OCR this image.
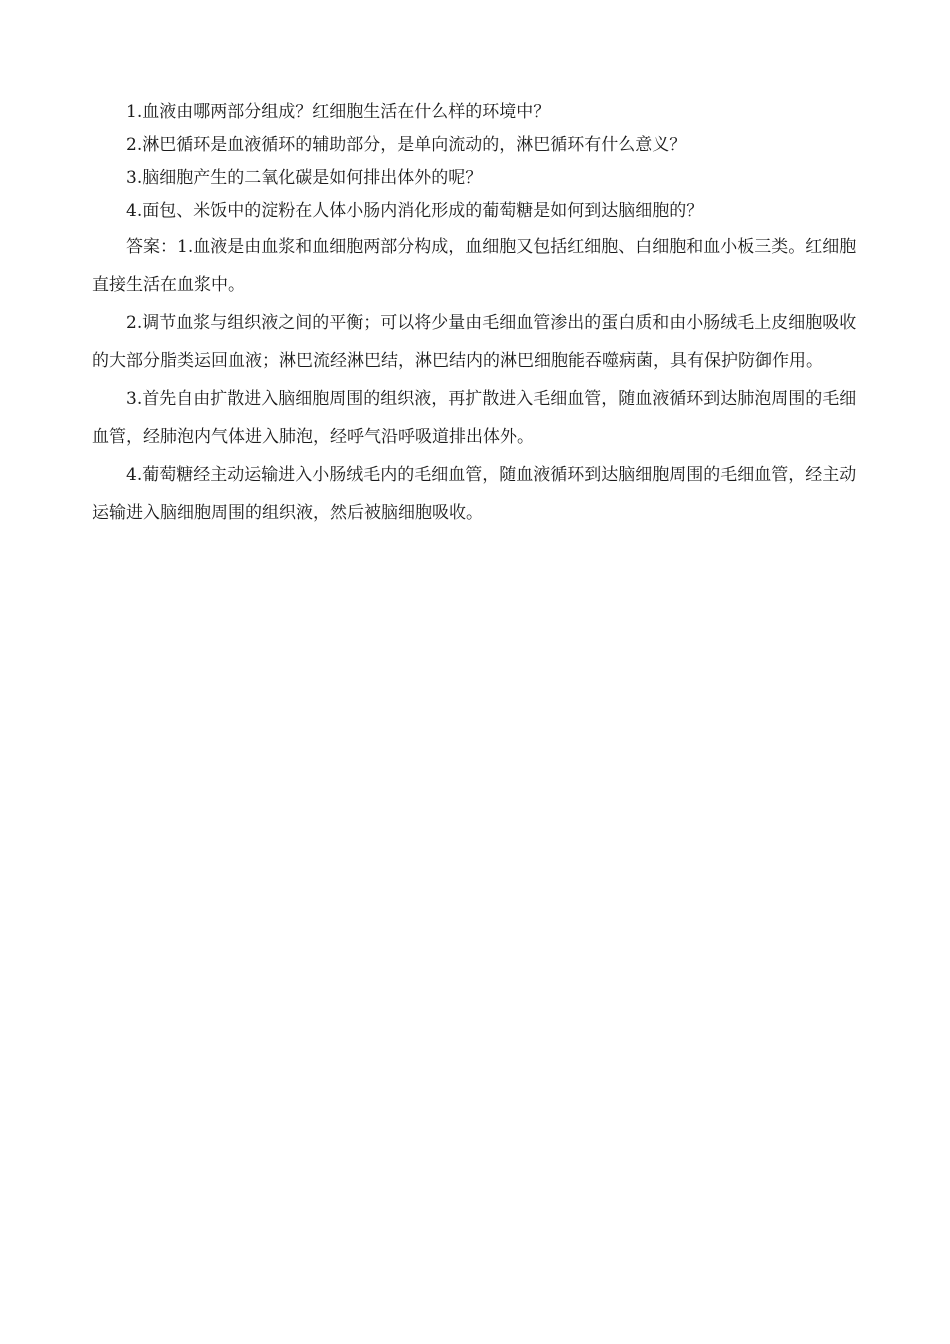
1.血液由哪两部分组成？红细胞生活在什么样的环境中？

2.淋巴循环是血液循环的辅助部分，是单向流动的，淋巴循环有什么意义？

3.脑细胞产生的二氧化碳是如何排出体外的呢？

4.面包、米饭中的淀粉在人体小肠内消化形成的葡萄糖是如何到达脑细胞的？

答案：1.血液是由血浆和血细胞两部分构成，血细胞又包括红细胞、白细胞和血小板三类。红细胞直接生活在血浆中。

2.调节血浆与组织液之间的平衡；可以将少量由毛细血管渗出的蛋白质和由小肠绒毛上皮细胞吸收的大部分脂类运回血液；淋巴流经淋巴结，淋巴结内的淋巴细胞能吞噬病菌，具有保护防御作用。

3.首先自由扩散进入脑细胞周围的组织液，再扩散进入毛细血管，随血液循环到达肺泡周围的毛细血管，经肺泡内气体进入肺泡，经呼气沿呼吸道排出体外。

4.葡萄糖经主动运输进入小肠绒毛内的毛细血管，随血液循环到达脑细胞周围的毛细血管，经主动运输进入脑细胞周围的组织液，然后被脑细胞吸收。
